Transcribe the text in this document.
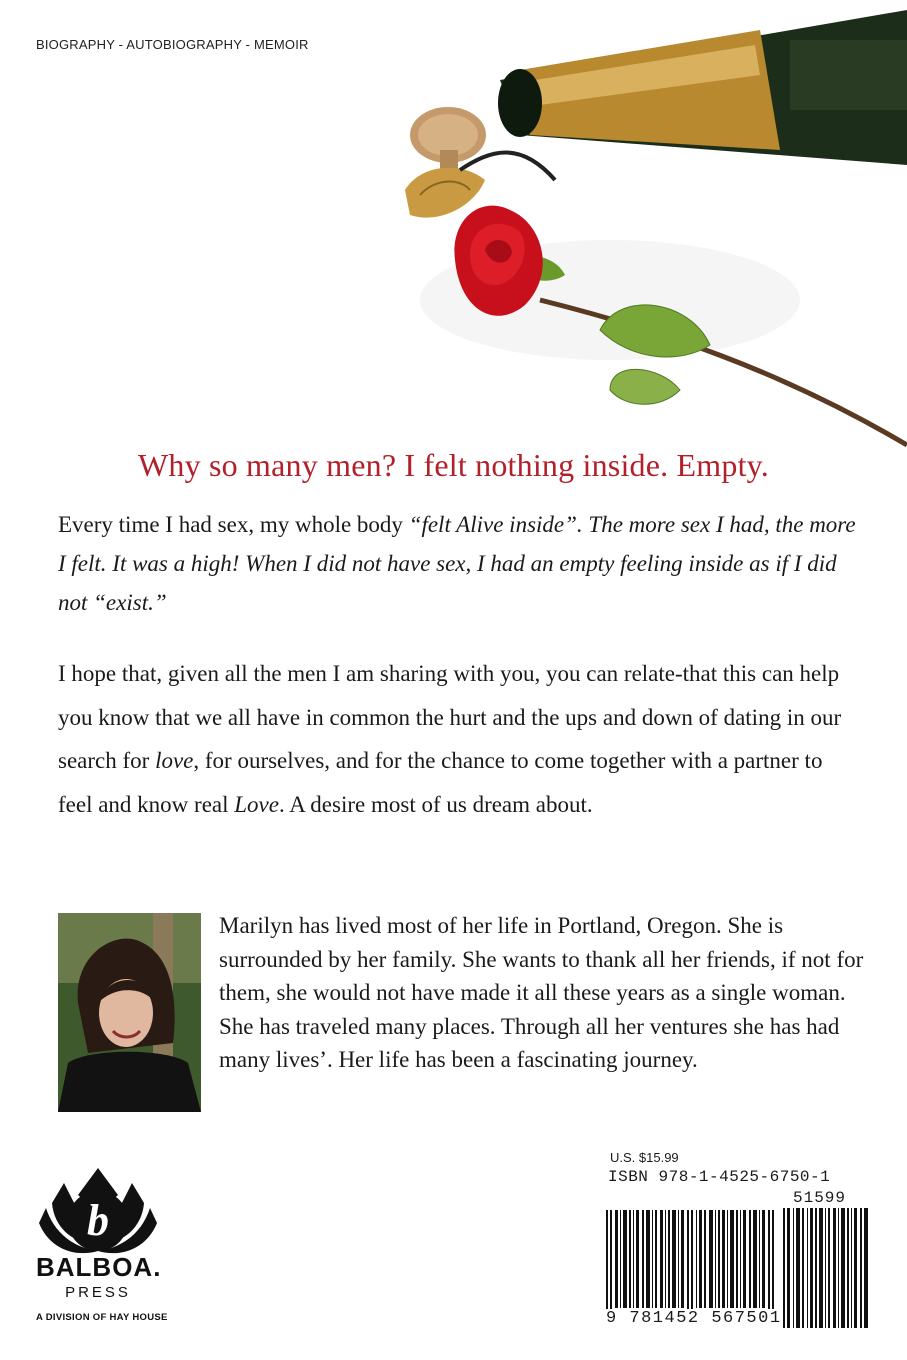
BIOGRAPHY - AUTOBIOGRAPHY - MEMOIR
Why so many men? I felt nothing inside. Empty.
Every time I had sex, my whole body “felt Alive inside”. The more sex I had, the more I felt. It was a high! When I did not have sex, I had an empty feeling inside as if I did not “exist.”
I hope that, given all the men I am sharing with you, you can relate-that this can help you know that we all have in common the hurt and the ups and down of dating in our search for love, for ourselves, and for the chance to come together with a partner to feel and know real Love. A desire most of us dream about.
Marilyn has lived most of her life in Portland, Oregon. She is surrounded by her family. She wants to thank all her friends, if not for them, she would not have made it all these years as a single woman. She has traveled many places. Through all her ventures she has had many lives’. Her life has been a fascinating journey.
U.S. $15.99
ISBN 978-1-4525-6750-1
51599
9 781452 567501
b
BALBOA.
PRESS
A DIVISION OF HAY HOUSE
